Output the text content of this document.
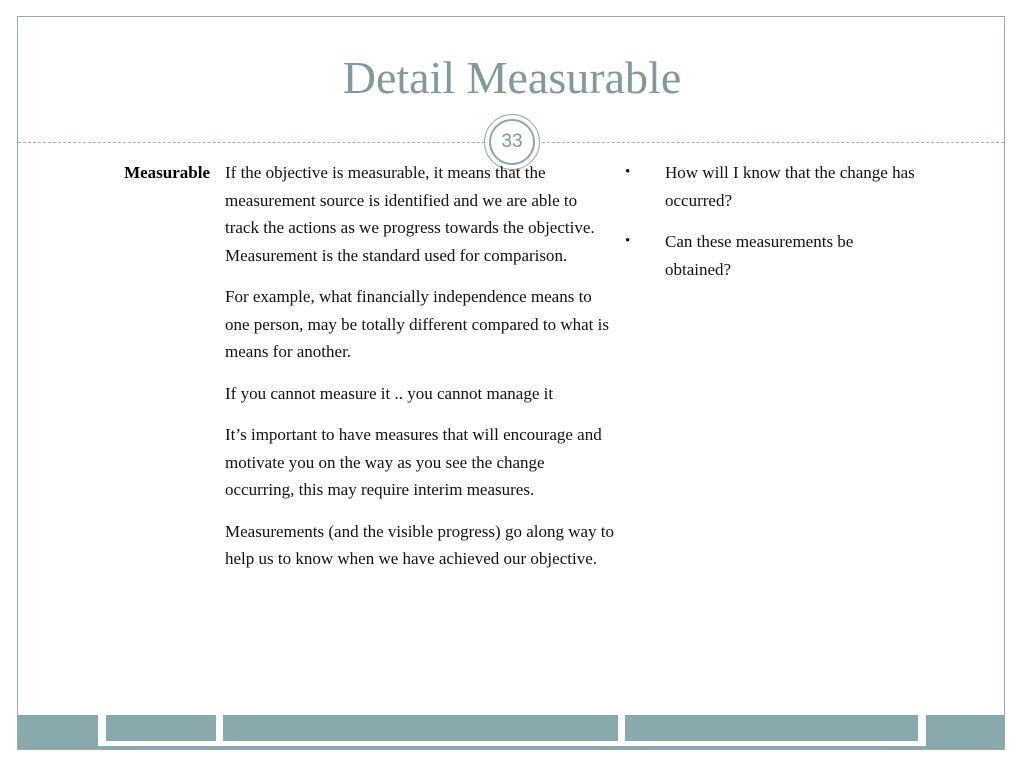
Detail Measurable
33
Measurable If the objective is measurable, it means that the measurement source is identified and we are able to track the actions as we progress towards the objective. Measurement is the standard used for comparison.

For example, what financially independence means to one person, may be totally different compared to what is means for another.

If you cannot measure it .. you cannot manage it

It’s important to have measures that will encourage and motivate you on the way as you see the change occurring, this may require interim measures.

Measurements (and the visible progress) go along way to help us to know when we have achieved our objective.

• How will I know that the change has occurred?
• Can these measurements be obtained?
